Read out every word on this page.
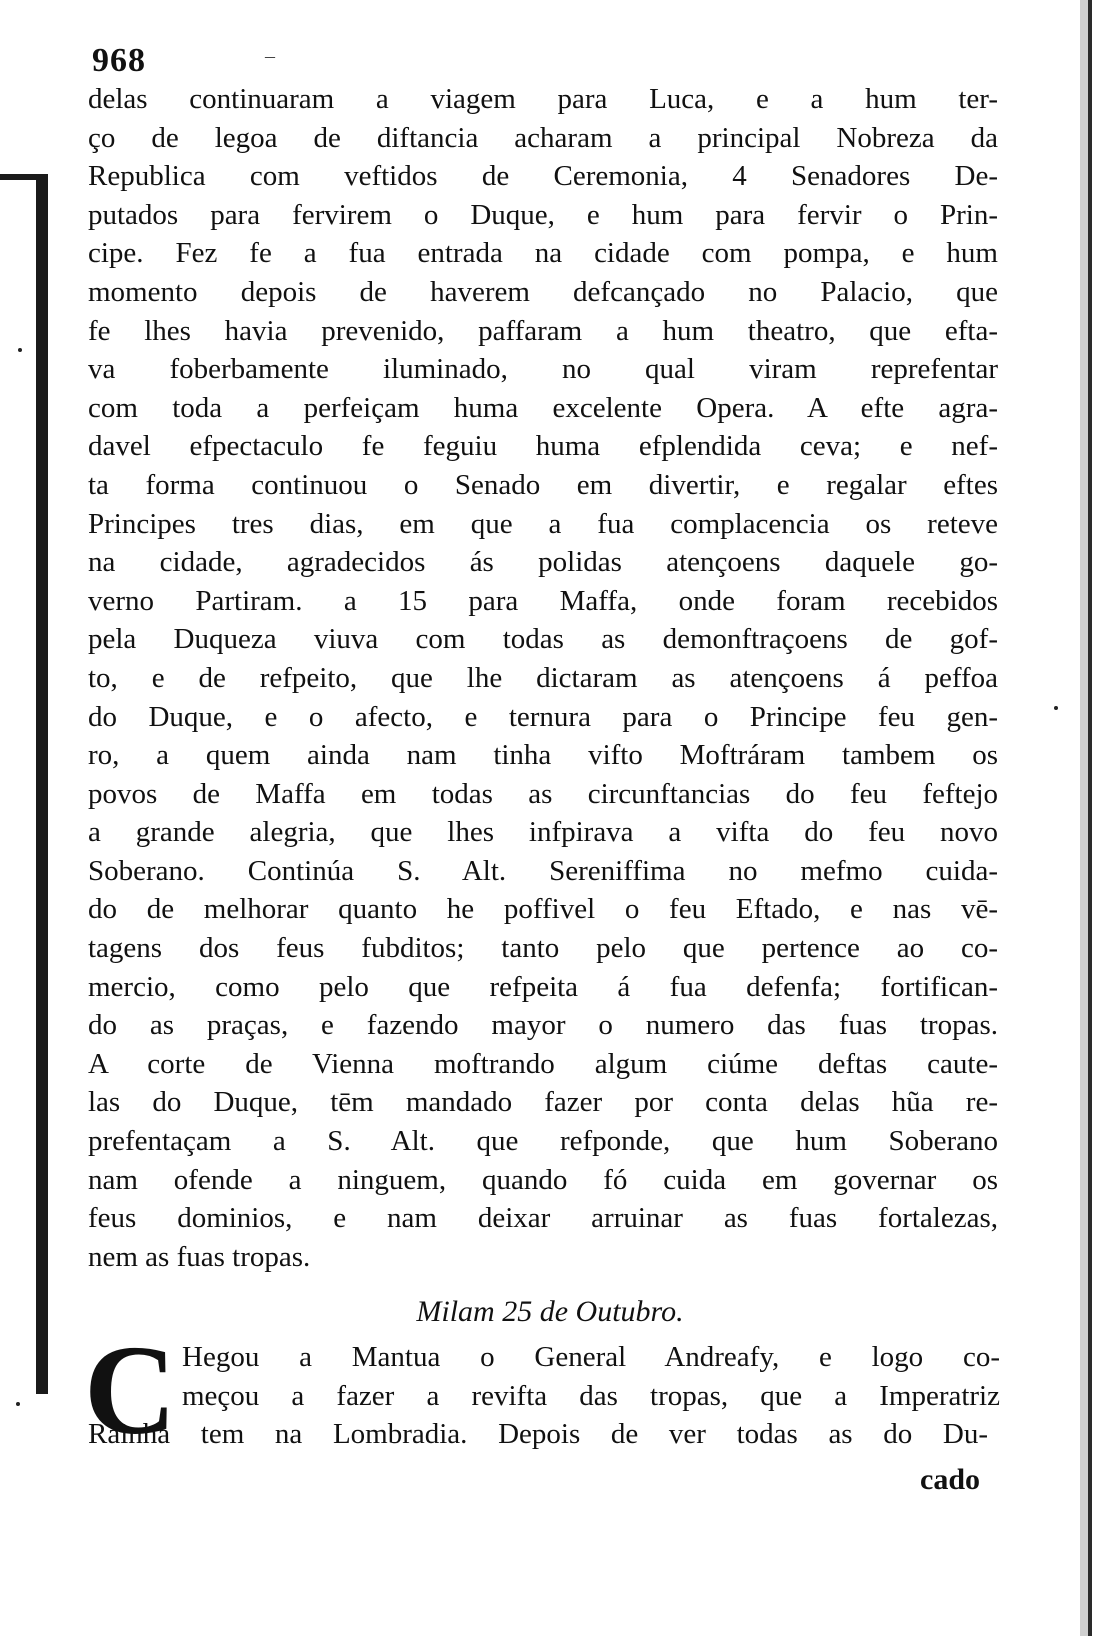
968	–
delas continuaram a viagem para Luca, e a hum ter-
ço de legoa de diftancia acharam a principal Nobreza da
Republica com veftidos de Ceremonia, 4 Senadores De-
putados para fervirem o Duque, e hum para fervir o Prin-
cipe. Fez fe a fua entrada na cidade com pompa, e hum
momento depois de haverem defcançado no Palacio, que
fe lhes havia prevenido, paffaram a hum theatro, que efta-
va foberbamente iluminado, no qual viram reprefentar
com toda a perfeiçam huma excelente Opera. A efte agra-
davel efpectaculo fe feguiu huma efplendida ceva; e nef-
ta forma continuou o Senado em divertir, e regalar eftes
Principes tres dias, em que a fua complacencia os reteve
na cidade, agradecidos ás polidas atençoens daquele go-
verno Partiram. a 15 para Maffa, onde foram recebidos
pela Duqueza viuva com todas as demonftraçoens de gof-
to, e de refpeito, que lhe dictaram as atençoens á peffoa
do Duque, e o afecto, e ternura para o Principe feu gen-
ro, a quem ainda nam tinha vifto Moftráram tambem os
povos de Maffa em todas as circunftancias do feu feftejo
a grande alegria, que lhes infpirava a vifta do feu novo
Soberano. Continúa S. Alt. Sereniffima no mefmo cuida-
do de melhorar quanto he poffivel o feu Eftado, e nas vē-
tagens dos feus fubditos; tanto pelo que pertence ao co-
mercio, como pelo que refpeita á fua defenfa; fortifican-
do as praças, e fazendo mayor o numero das fuas tropas.
A corte de Vienna moftrando algum ciúme deftas caute-
las do Duque, tēm mandado fazer por conta delas hũa re-
prefentaçam a S. Alt. que refponde, que hum Soberano
nam ofende a ninguem, quando fó cuida em governar os
feus dominios, e nam deixar arruinar as fuas fortalezas,
nem as fuas tropas.
Milam 25 de Outubro.
C Hegou a Mantua o General Andreafy, e logo co-
meçou a fazer a revifta das tropas, que a Imperatriz
Rainha tem na Lombradia. Depois de ver todas as do Du-
cado
